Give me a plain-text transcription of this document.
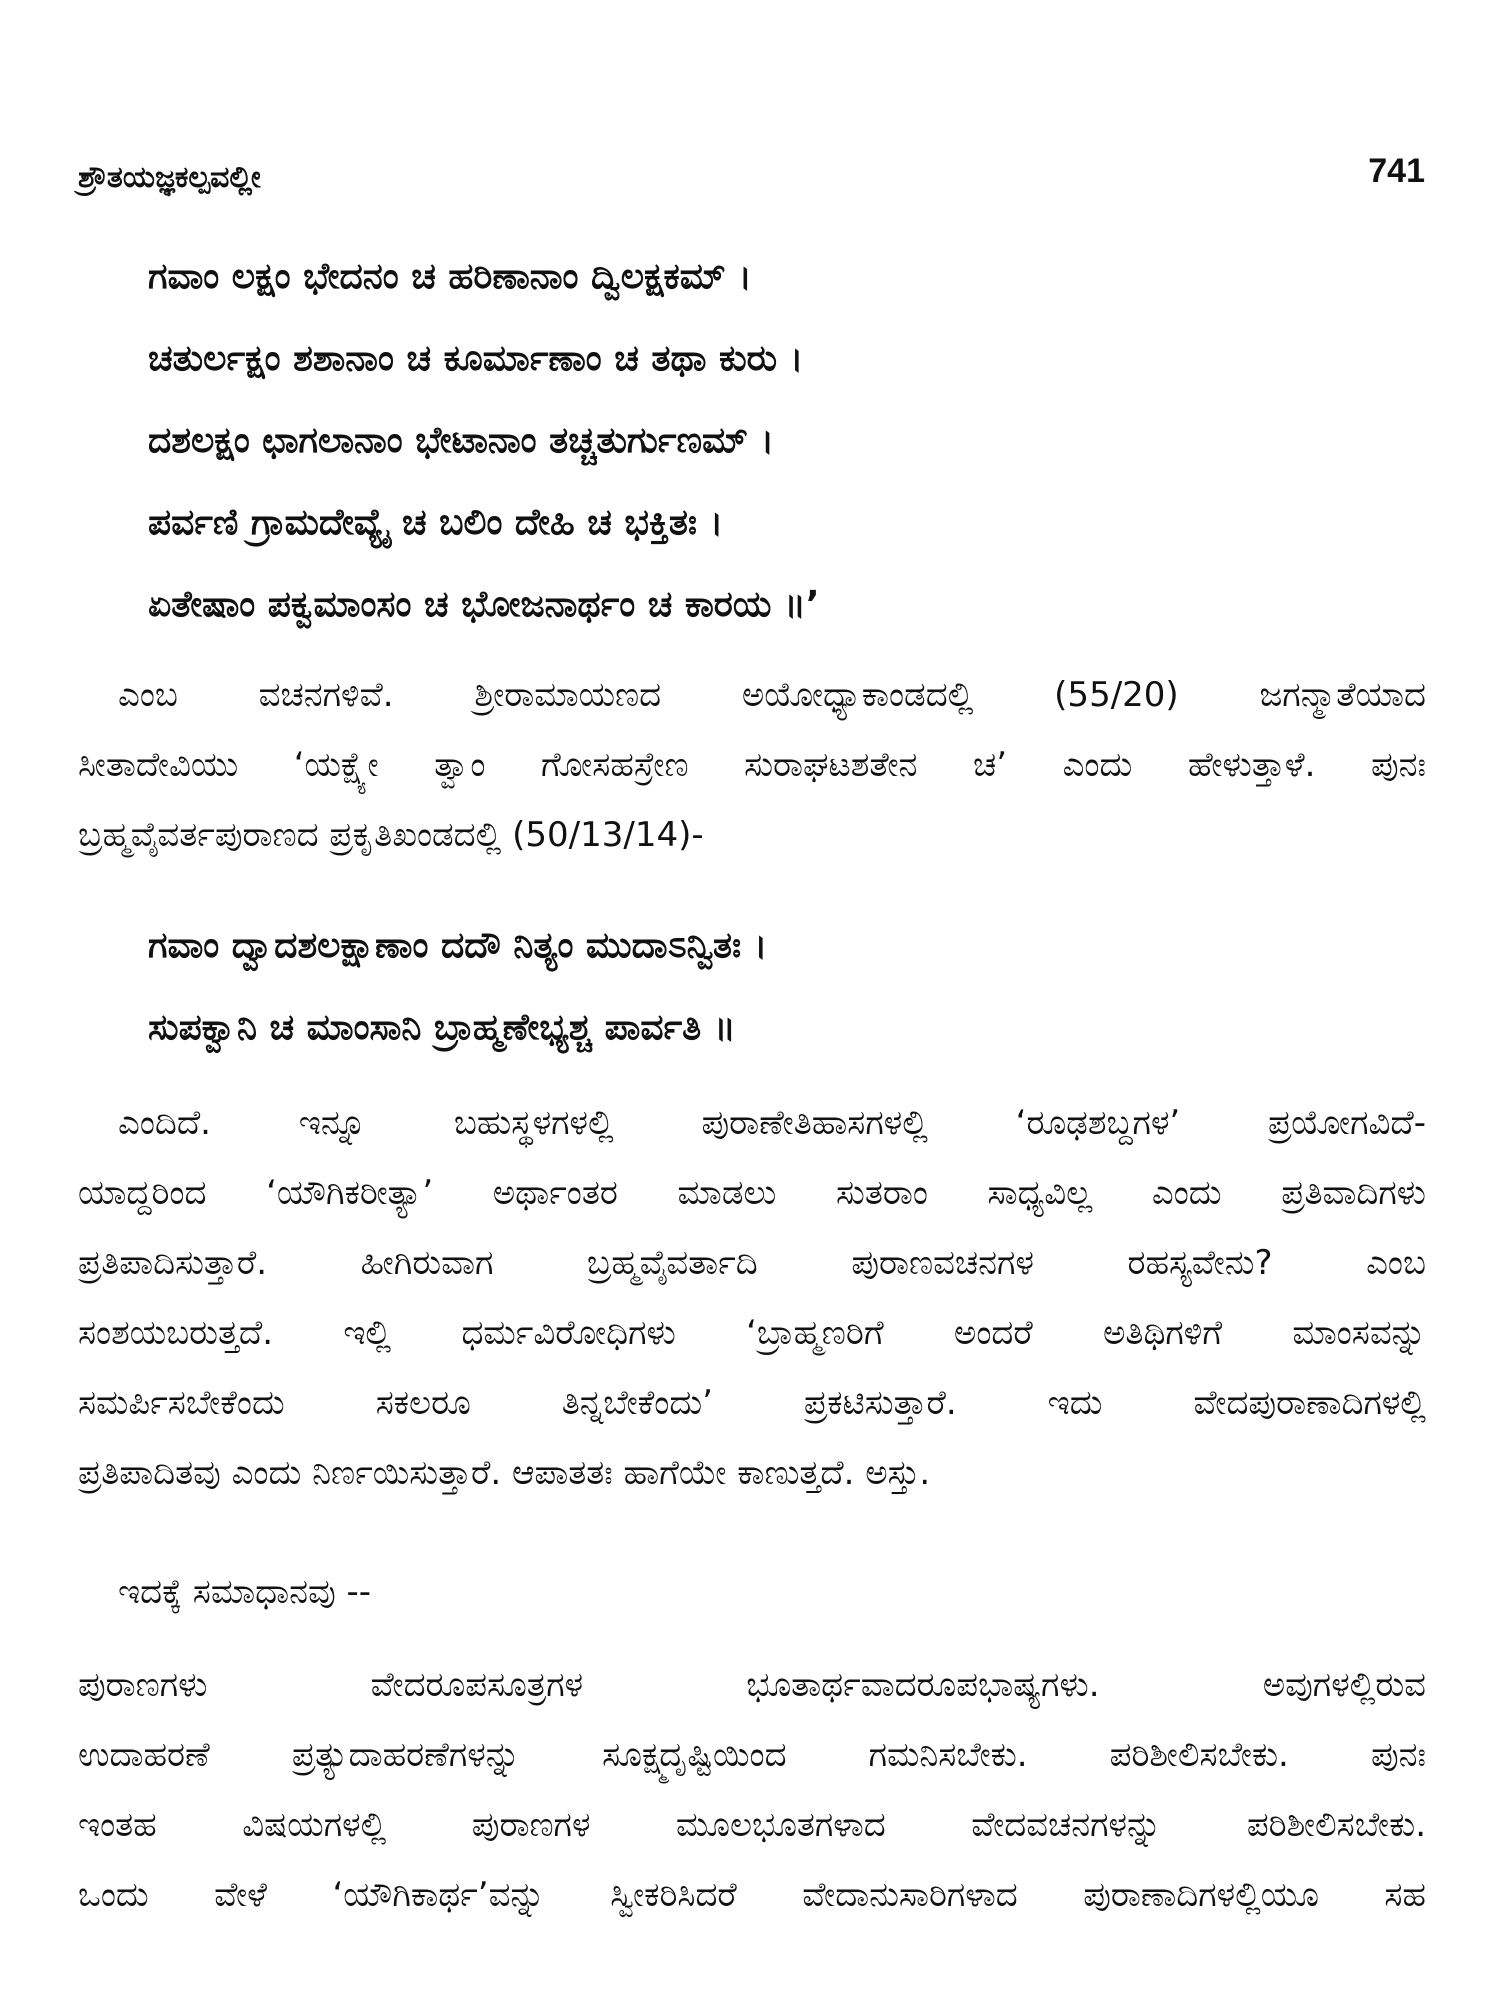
ಶ್ರೌತಯಜ್ಞಕಲ್ಪವಲ್ಲೀ	741
ಗವಾಂ ಲಕ್ಷಂ ಭೇದನಂ ಚ ಹರಿಣಾನಾಂ ದ್ವಿಲಕ್ಷಕಮ್ ।
ಚತುರ್ಲಕ್ಷಂ ಶಶಾನಾಂ ಚ ಕೂರ್ಮಾಣಾಂ ಚ ತಥಾ ಕುರು ।
ದಶಲಕ್ಷಂ ಛಾಗಲಾನಾಂ ಭೇಟಾನಾಂ ತಚ್ಚತುರ್ಗುಣಮ್ ।
ಪರ್ವಣಿ ಗ್ರಾಮದೇವ್ಯೈ ಚ ಬಲಿಂ ದೇಹಿ ಚ ಭಕ್ತಿತಃ ।
ಏತೇಷಾಂ ಪಕ್ವಮಾಂಸಂ ಚ ಭೋಜನಾರ್ಥಂ ಚ ಕಾರಯ ॥’
ಎಂಬ ವಚನಗಳಿವೆ. ಶ್ರೀರಾಮಾಯಣದ ಅಯೋಧ್ಯಾಕಾಂಡದಲ್ಲಿ (55/20) ಜಗನ್ಮಾತೆಯಾದ
ಸೀತಾದೇವಿಯು ‘ಯಕ್ಷ್ಯೇ ತ್ವಾಂ ಗೋಸಹಸ್ರೇಣ ಸುರಾಘಟಶತೇನ ಚ’ ಎಂದು ಹೇಳುತ್ತಾಳೆ. ಪುನಃ
ಬ್ರಹ್ಮವೈವರ್ತಪುರಾಣದ ಪ್ರಕೃತಿಖಂಡದಲ್ಲಿ (50/13/14)-
ಗವಾಂ ದ್ವಾದಶಲಕ್ಷಾಣಾಂ ದದೌ ನಿತ್ಯಂ ಮುದಾಽನ್ವಿತಃ ।
ಸುಪಕ್ವಾನಿ ಚ ಮಾಂಸಾನಿ ಬ್ರಾಹ್ಮಣೇಭ್ಯಶ್ಚ ಪಾರ್ವತಿ ॥
ಎಂದಿದೆ. ಇನ್ನೂ ಬಹುಸ್ಥಳಗಳಲ್ಲಿ ಪುರಾಣೇತಿಹಾಸಗಳಲ್ಲಿ ‘ರೂಢಶಬ್ದಗಳ’ ಪ್ರಯೋಗವಿದೆ-
ಯಾದ್ದರಿಂದ ‘ಯೌಗಿಕರೀತ್ಯಾ’ ಅರ್ಥಾಂತರ ಮಾಡಲು ಸುತರಾಂ ಸಾಧ್ಯವಿಲ್ಲ ಎಂದು ಪ್ರತಿವಾದಿಗಳು
ಪ್ರತಿಪಾದಿಸುತ್ತಾರೆ. ಹೀಗಿರುವಾಗ ಬ್ರಹ್ಮವೈವರ್ತಾದಿ ಪುರಾಣವಚನಗಳ ರಹಸ್ಯವೇನು? ಎಂಬ
ಸಂಶಯಬರುತ್ತದೆ. ಇಲ್ಲಿ ಧರ್ಮವಿರೋಧಿಗಳು ‘ಬ್ರಾಹ್ಮಣರಿಗೆ ಅಂದರೆ ಅತಿಥಿಗಳಿಗೆ ಮಾಂಸವನ್ನು
ಸಮರ್ಪಿಸಬೇಕೆಂದು ಸಕಲರೂ ತಿನ್ನಬೇಕೆಂದು’ ಪ್ರಕಟಿಸುತ್ತಾರೆ. ಇದು ವೇದಪುರಾಣಾದಿಗಳಲ್ಲಿ
ಪ್ರತಿಪಾದಿತವು ಎಂದು ನಿರ್ಣಯಿಸುತ್ತಾರೆ. ಆಪಾತತಃ ಹಾಗೆಯೇ ಕಾಣುತ್ತದೆ. ಅಸ್ತು.
ಇದಕ್ಕೆ ಸಮಾಧಾನವು --
ಪುರಾಣಗಳು ವೇದರೂಪಸೂತ್ರಗಳ ಭೂತಾರ್ಥವಾದರೂಪಭಾಷ್ಯಗಳು. ಅವುಗಳಲ್ಲಿರುವ
ಉದಾಹರಣೆ ಪ್ರತ್ಯುದಾಹರಣೆಗಳನ್ನು ಸೂಕ್ಷ್ಮದೃಷ್ಟಿಯಿಂದ ಗಮನಿಸಬೇಕು. ಪರಿಶೀಲಿಸಬೇಕು. ಪುನಃ
ಇಂತಹ ವಿಷಯಗಳಲ್ಲಿ ಪುರಾಣಗಳ ಮೂಲಭೂತಗಳಾದ ವೇದವಚನಗಳನ್ನು ಪರಿಶೀಲಿಸಬೇಕು.
ಒಂದು ವೇಳೆ ‘ಯೌಗಿಕಾರ್ಥ’ವನ್ನು ಸ್ವೀಕರಿಸಿದರೆ ವೇದಾನುಸಾರಿಗಳಾದ ಪುರಾಣಾದಿಗಳಲ್ಲಿಯೂ ಸಹ
